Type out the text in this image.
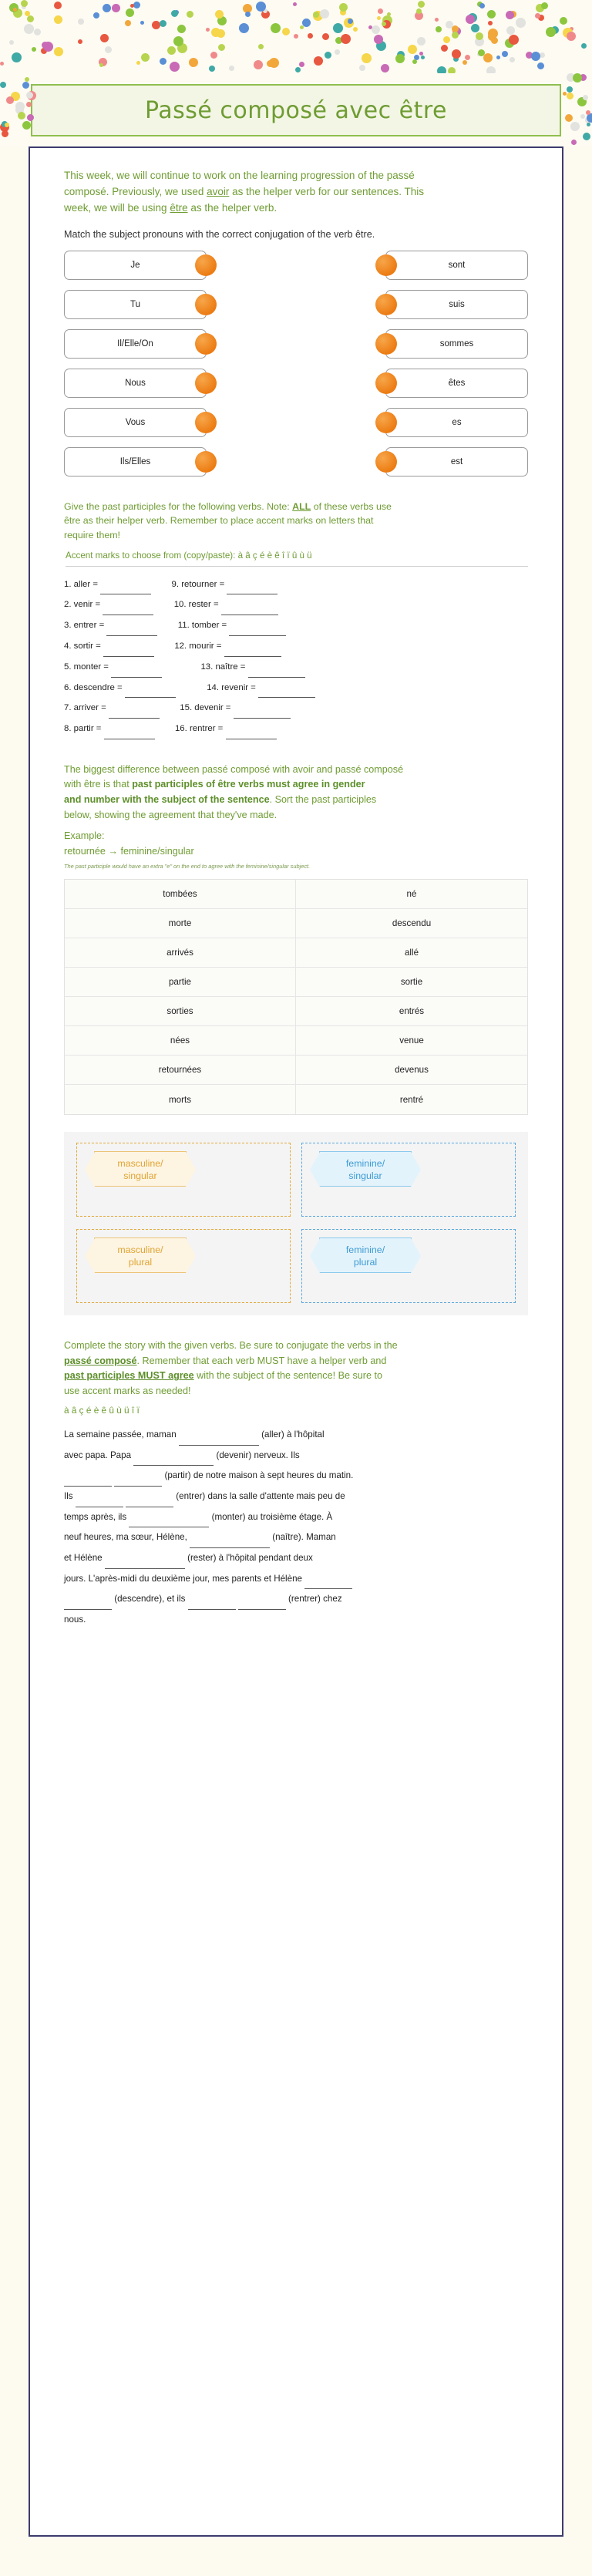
Passé composé avec être

This week, we will continue to work on the learning progression of the passé
composé. Previously, we used avoir as the helper verb for our sentences. This
week, we will be using être as the helper verb.

Match the subject pronouns with the correct conjugation of the verb être.

Je	sont
Tu	suis
Il/Elle/On	sommes
Nous	êtes
Vous	es
Ils/Elles	est

Give the past participles for the following verbs. Note: ALL of these verbs use
être as their helper verb. Remember to place accent marks on letters that
require them!

Accent marks to choose from (copy/paste): à â ç é è ê î ï û ù ü
1. aller =	9. retourner =
2. venir =	10. rester =
3. entrer =	11. tomber =
4. sortir =	12. mourir =
5. monter =	13. naître =
6. descendre =	14. revenir =
7. arriver =	15. devenir =
8. partir =	16. rentrer =

The biggest difference between passé composé with avoir and passé composé
with être is that past participles of être verbs must agree in gender
and number with the subject of the sentence. Sort the past participles
below, showing the agreement that they've made.

Example:

retournée → feminine/singular

The past participle would have an extra "e" on the end to agree with the feminine/singular subject.

tombées	né
morte	descendu
arrivés	allé
partie	sortie
sorties	entrés
nées	venue
retournées	devenus
morts	rentré
masculine/
singular
feminine/
singular
masculine/
plural
feminine/
plural

Complete the story with the given verbs. Be sure to conjugate the verbs in the
passé composé. Remember that each verb MUST have a helper verb and
past participles MUST agree with the subject of the sentence! Be sure to
use accent marks as needed!

à â ç é è ê û ù ü î ï

La semaine passée, maman	(aller) à l'hôpital
avec papa. Papa	(devenir) nerveux. Ils
(partir) de notre maison à sept heures du matin.
Ils	(entrer) dans la salle d'attente mais peu de
temps après, ils	(monter) au troisième étage. À
neuf heures, ma sœur, Hélène,	(naître). Maman
et Hélène	(rester) à l'hôpital pendant deux
jours. L'après-midi du deuxième jour, mes parents et Hélène
(descendre), et ils	(rentrer) chez
nous.
